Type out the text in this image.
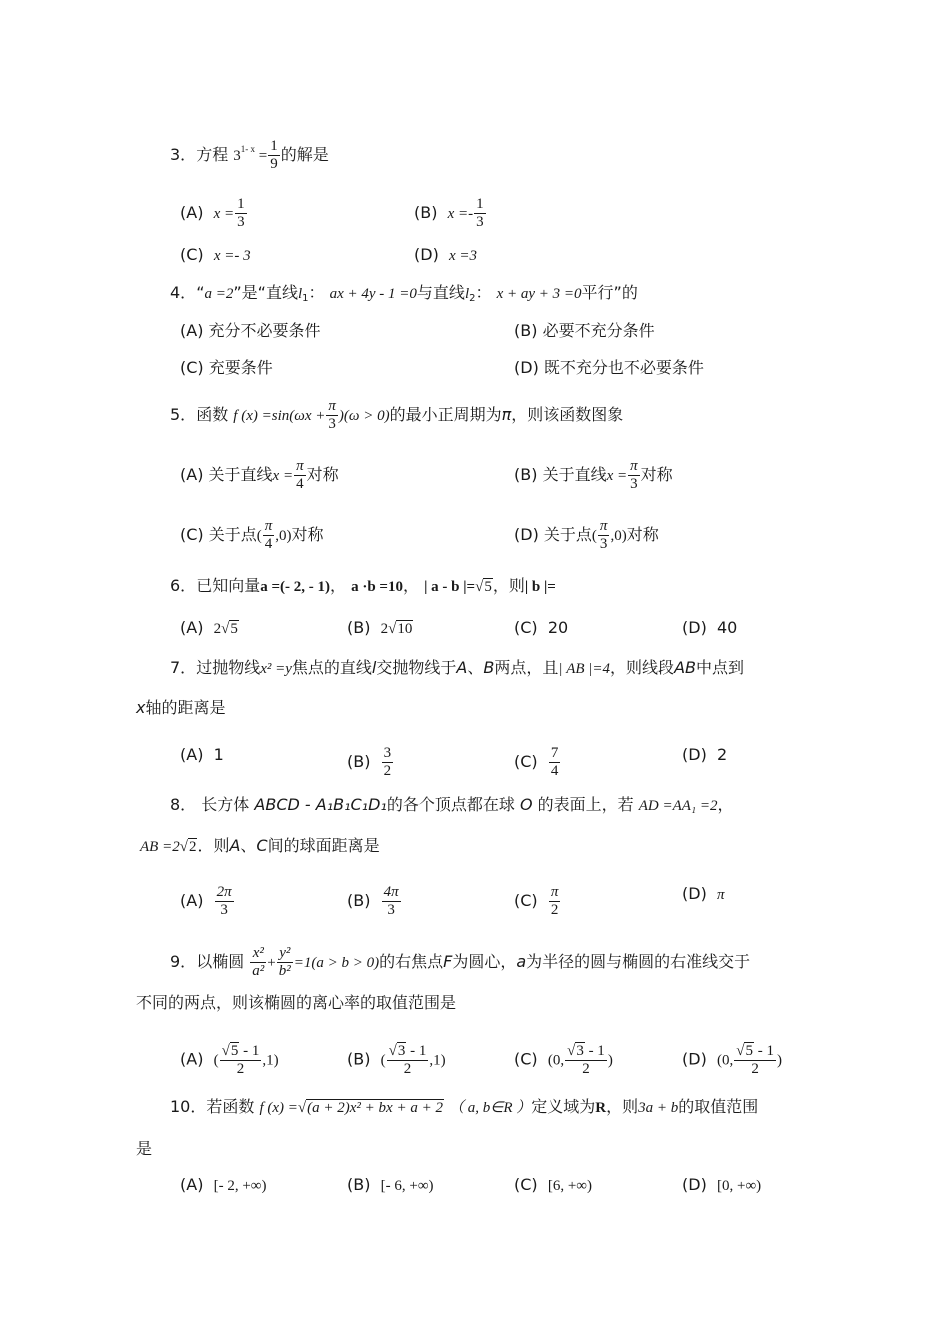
3．方程 $3^{1- x} = \frac{1}{9}$ 的解是
(A) $x = \frac{1}{3}$	(B) $x =- \frac{1}{3}$
(C) x =- 3	(D) x =3
4．“a =2”是“直线$l_1$： ax + 4y - 1 =0与直线$l_2$： x + ay + 3 =0平行”的
(A) 充分不必要条件	(B) 必要不充分条件
(C) 充要条件	(D) 既不充分也不必要条件
5．函数 f $(x) =\sin(\omega x + \frac{\pi}{3} )(\omega > 0)$的最小正周期为π，则该函数图象
(A) 关于直线$x = \frac{\pi}{4}$ 对称	(B) 关于直线$x = \frac{\pi}{3}$ 对称
(C) 关于点( $\frac{\pi}{4} ,0$)对称	(D) 关于点( $\frac{\pi}{3} ,0$)对称
6．已知向量a =(- 2, - 1)， a ·b =10， | a - b |=√5，则| b |=
(A) 2√5	(B) 2√10	(C) 20	(D) 40
7．过抛物线x² =y焦点的直线l交抛物线于A、B两点，且| AB |=4，则线段AB中点到
x轴的距离是
(A) 1	$(B) \frac{3}{2}$	$(C) \frac{7}{4}$	(D) 2
8． 长方体 ABCD - A₁B₁C₁D₁的各个顶点都在球 O 的表面上，若 AD =AA₁ =2，
AB =2√2．则A、C间的球面距离是
$(A) \frac{2\pi}{3}$	$(B) \frac{4\pi}{3}$	$(C) \frac{\pi}{2}$	(D) π
9．以椭圆 $\frac{\text{x²}}{\text{a²}} + \frac{\text{y²}}{\text{b²}} =1(a > b > 0)$的右焦点F为圆心，a为半径的圆与椭圆的右准线交于
不同的两点，则该椭圆的离心率的取值范围是
(A) ( $\frac{√5 - 1}{2} ,1$)	(B) ( $\frac{√3 - 1}{2} ,1$)	(C) (0, $\frac{√3 - 1}{2}$ )	(D) (0, $\frac{√5 - 1}{2}$ )
10．若函数 f (x) =√(a + 2)x² + bx + a + 2 （ a, b∈R ）定义域为R，则3a + b的取值范围
是
(A) [- 2, +∞)	(B) [- 6, +∞)	(C) [6, +∞)	(D) [0, +∞)
